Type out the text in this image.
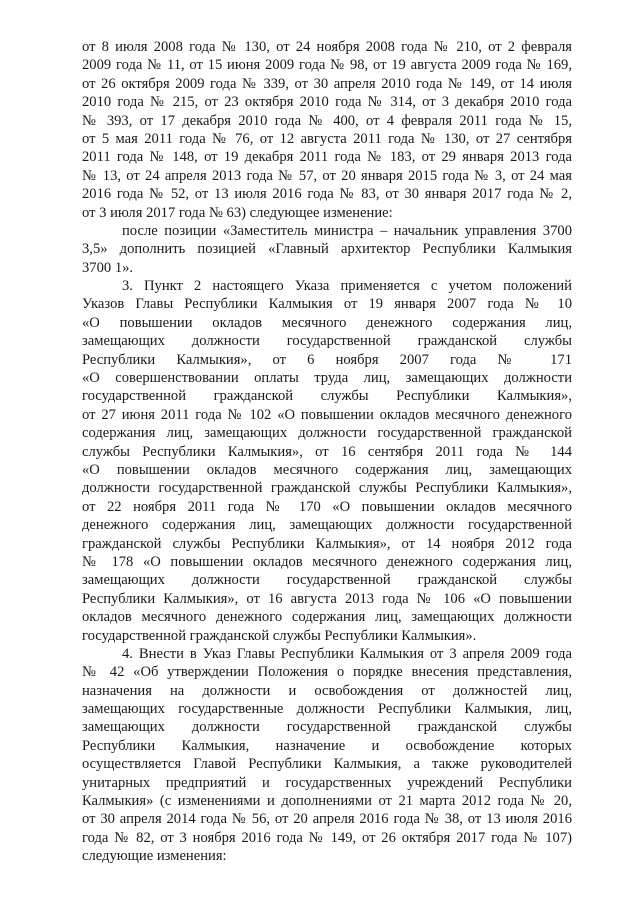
от 8 июля 2008 года № 130, от 24 ноября 2008 года № 210, от 2 февраля
2009 года № 11, от 15 июня 2009 года № 98, от 19 августа 2009 года № 169,
от 26 октября 2009 года № 339, от 30 апреля 2010 года № 149, от 14 июля
2010 года № 215, от 23 октября 2010 года № 314, от 3 декабря 2010 года
№ 393, от 17 декабря 2010 года № 400, от 4 февраля 2011 года № 15,
от 5 мая 2011 года № 76, от 12 августа 2011 года № 130, от 27 сентября
2011 года № 148, от 19 декабря 2011 года № 183, от 29 января 2013 года
№ 13, от 24 апреля 2013 года № 57, от 20 января 2015 года № 3, от 24 мая
2016 года № 52, от 13 июля 2016 года № 83, от 30 января 2017 года № 2,
от 3 июля 2017 года № 63) следующее изменение:
после позиции «Заместитель министра – начальник управления 3700
3,5» дополнить позицией «Главный архитектор Республики Калмыкия
3700 1».
3. Пункт 2 настоящего Указа применяется с учетом положений
Указов Главы Республики Калмыкия от 19 января 2007 года № 10
«О повышении окладов месячного денежного содержания лиц,
замещающих должности государственной гражданской службы
Республики Калмыкия», от 6 ноября 2007 года № 171
«О совершенствовании оплаты труда лиц, замещающих должности
государственной гражданской службы Республики Калмыкия»,
от 27 июня 2011 года № 102 «О повышении окладов месячного денежного
содержания лиц, замещающих должности государственной гражданской
службы Республики Калмыкия», от 16 сентября 2011 года № 144
«О повышении окладов месячного содержания лиц, замещающих
должности государственной гражданской службы Республики Калмыкия»,
от 22 ноября 2011 года № 170 «О повышении окладов месячного
денежного содержания лиц, замещающих должности государственной
гражданской службы Республики Калмыкия», от 14 ноября 2012 года
№ 178 «О повышении окладов месячного денежного содержания лиц,
замещающих должности государственной гражданской службы
Республики Калмыкия», от 16 августа 2013 года № 106 «О повышении
окладов месячного денежного содержания лиц, замещающих должности
государственной гражданской службы Республики Калмыкия».
4. Внести в Указ Главы Республики Калмыкия от 3 апреля 2009 года
№ 42 «Об утверждении Положения о порядке внесения представления,
назначения на должности и освобождения от должностей лиц,
замещающих государственные должности Республики Калмыкия, лиц,
замещающих должности государственной гражданской службы
Республики Калмыкия, назначение и освобождение которых
осуществляется Главой Республики Калмыкия, а также руководителей
унитарных предприятий и государственных учреждений Республики
Калмыкия» (с изменениями и дополнениями от 21 марта 2012 года № 20,
от 30 апреля 2014 года № 56, от 20 апреля 2016 года № 38, от 13 июля 2016
года № 82, от 3 ноября 2016 года № 149, от 26 октября 2017 года № 107)
следующие изменения:
